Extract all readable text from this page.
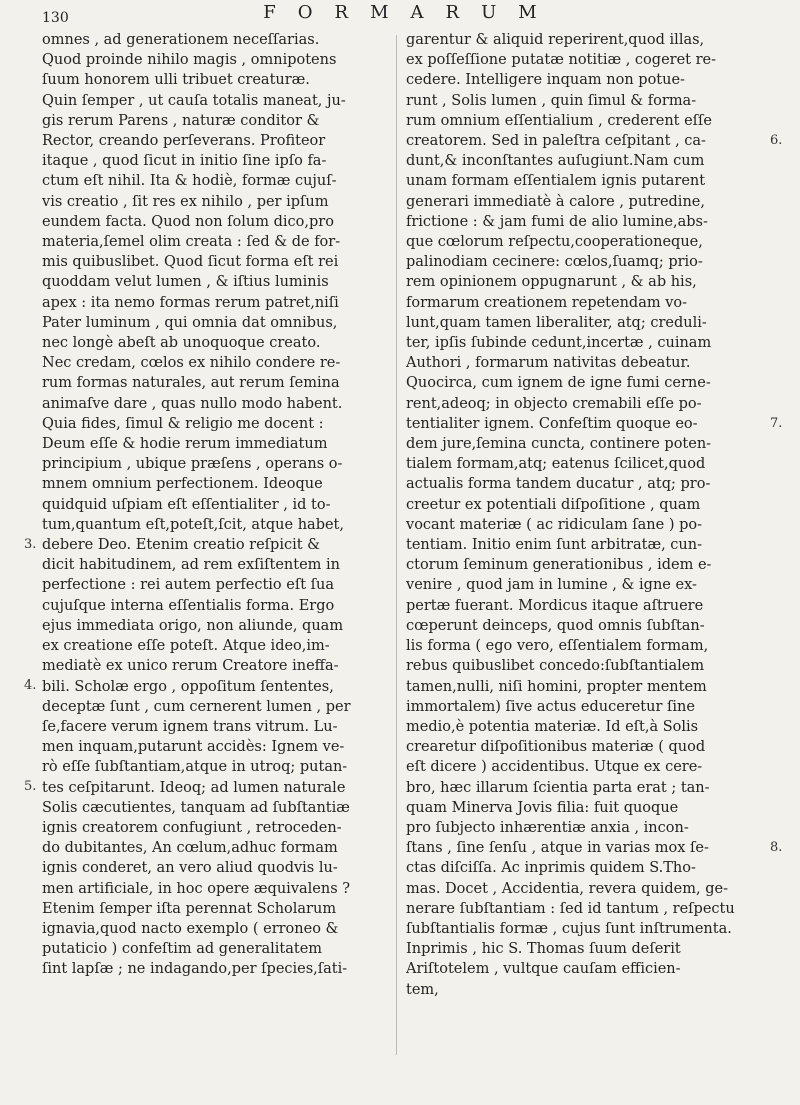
130	FORMARUM
omnes , ad generationem neceſſarias.
Quod proinde nihilo magis , omnipotens
ſuum honorem ulli tribuet creaturæ.
Quin ſemper , ut cauſa totalis maneat, ju-
gis rerum Parens , naturæ conditor &
Rector, creando perſeverans. Profiteor
itaque , quod ſicut in initio ſine ipſo fa-
ctum eſt nihil. Ita & hodiè, formæ cujuſ-
vis creatio , ſit res ex nihilo , per ipſum
eundem facta. Quod non ſolum dico,pro
materia,ſemel olim creata : ſed & de for-
mis quibuslibet. Quod ſicut forma eſt rei
quoddam velut lumen , & iſtius luminis
apex : ita nemo formas rerum patret,niſi
Pater luminum , qui omnia dat omnibus,
nec longè abeſt ab unoquoque creato.
Nec credam, cœlos ex nihilo condere re-
rum formas naturales, aut rerum ſemina
animaſve dare , quas nullo modo habent.
Quia fides, ſimul & religio me docent :
Deum eſſe & hodie rerum immediatum
principium , ubique præſens , operans o-
mnem omnium perfectionem. Ideoque
quidquid uſpiam eſt eſſentialiter , id to-
tum,quantum eſt,poteſt,ſcit, atque habet,
debere Deo. Etenim creatio reſpicit &
dicit habitudinem, ad rem exſiſtentem in
perfectione : rei autem perfectio eſt ſua
cujuſque interna eſſentialis forma. Ergo
ejus immediata origo, non aliunde, quam
ex creatione eſſe poteſt. Atque ideo,im-
mediatè ex unico rerum Creatore ineffa-
bili. Scholæ ergo , oppoſitum ſententes,
deceptæ ſunt , cum cernerent lumen , per
ſe,facere verum ignem trans vitrum. Lu-
men inquam,putarunt accidès: Ignem ve-
rò eſſe ſubſtantiam,atque in utroq; putan-
tes ceſpitarunt. Ideoq; ad lumen naturale
Solis cæcutientes, tanquam ad ſubſtantiæ
ignis creatorem confugiunt , retroceden-
do dubitantes, An cœlum,adhuc formam
ignis conderet, an vero aliud quodvis lu-
men artificiale, in hoc opere æquivalens ?
Etenim ſemper iſta perennat Scholarum
ignavia,quod nacto exemplo ( erroneo &
putaticio ) confeſtim ad generalitatem
ſint lapſæ ; ne indagando,per ſpecies,ſati-
garentur & aliquid reperirent,quod illas,
ex poſſeſſione putatæ notitiæ , cogeret re-
cedere. Intelligere inquam non potue-
runt , Solis lumen , quin ſimul & forma-
rum omnium eſſentialium , crederent eſſe
creatorem. Sed in paleſtra ceſpitant , ca-
dunt,& inconſtantes auſugiunt.Nam cum
unam formam eſſentialem ignis putarent
generari immediatè à calore , putredine,
frictione : & jam fumi de alio lumine,abs-
que cœlorum reſpectu,cooperationeque,
palinodiam cecinere: cœlos,ſuamq; prio-
rem opinionem oppugnarunt , & ab his,
formarum creationem repetendam vo-
lunt,quam tamen liberaliter, atq; creduli-
ter, ipſis ſubinde cedunt,incertæ , cuinam
Authori , formarum nativitas debeatur.
Quocirca, cum ignem de igne fumi cerne-
rent,adeoq; in objecto cremabili eſſe po-
tentialiter ignem. Confeſtim quoque eo-
dem jure,ſemina cuncta, continere poten-
tialem formam,atq; eatenus ſcilicet,quod
actualis forma tandem ducatur , atq; pro-
creetur ex potentiali diſpoſitione , quam
vocant materiæ ( ac ridiculam ſane ) po-
tentiam. Initio enim ſunt arbitratæ, cun-
ctorum ſeminum generationibus , idem e-
venire , quod jam in lumine , & igne ex-
pertæ fuerant. Mordicus itaque aſtruere
cœperunt deinceps, quod omnis ſubſtan-
lis forma ( ego vero, eſſentialem formam,
rebus quibuslibet concedo:ſubſtantialem
tamen,nulli, niſi homini, propter mentem
immortalem) ſive actus educeretur ſine
medio,è potentia materiæ. Id eſt,à Solis
crearetur diſpoſitionibus materiæ ( quod
eſt dicere ) accidentibus. Utque ex cere-
bro, hæc illarum ſcientia parta erat ; tan-
quam Minerva Jovis filia: fuit quoque
pro ſubjecto inhærentiæ anxia , incon-
ſtans , ſine ſenſu , atque in varias mox ſe-
ctas diſciſſa. Ac inprimis quidem S.Tho-
mas. Docet , Accidentia, revera quidem, ge-
nerare ſubſtantiam : ſed id tantum , reſpectu
ſubſtantialis formæ , cujus ſunt inſtrumenta.
Inprimis , hic S. Thomas ſuum deſerit
Ariſtotelem , vultque cauſam efficien-
tem,
3.
4.
5.
6.
7.
8.
